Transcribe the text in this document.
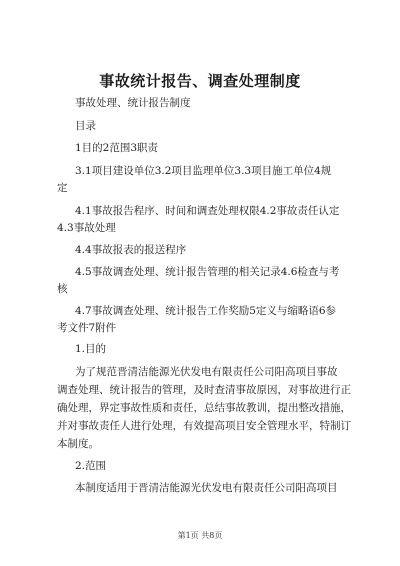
事故统计报告、调查处理制度
事故处理、统计报告制度
目录
1目的2范围3职责
3.1项目建设单位3.2项目监理单位3.3项目施工单位4规
定
4.1事故报告程序、时间和调查处理权限4.2事故责任认定
4.3事故处理
4.4事故报表的报送程序
4.5事故调查处理、统计报告管理的相关记录4.6检查与考
核
4.7事故调查处理、统计报告工作奖励5定义与缩略语6参
考文件7附件
1.目的
为了规范晋清洁能源光伏发电有限责任公司阳高项目事故
调查处理、统计报告的管理，及时查清事故原因，对事故进行正
确处理，界定事故性质和责任，总结事故教训，提出整改措施，
并对事故责任人进行处理，有效提高项目安全管理水平，特制订
本制度。
2.范围
本制度适用于晋清洁能源光伏发电有限责任公司阳高项目
第1页 共8页
